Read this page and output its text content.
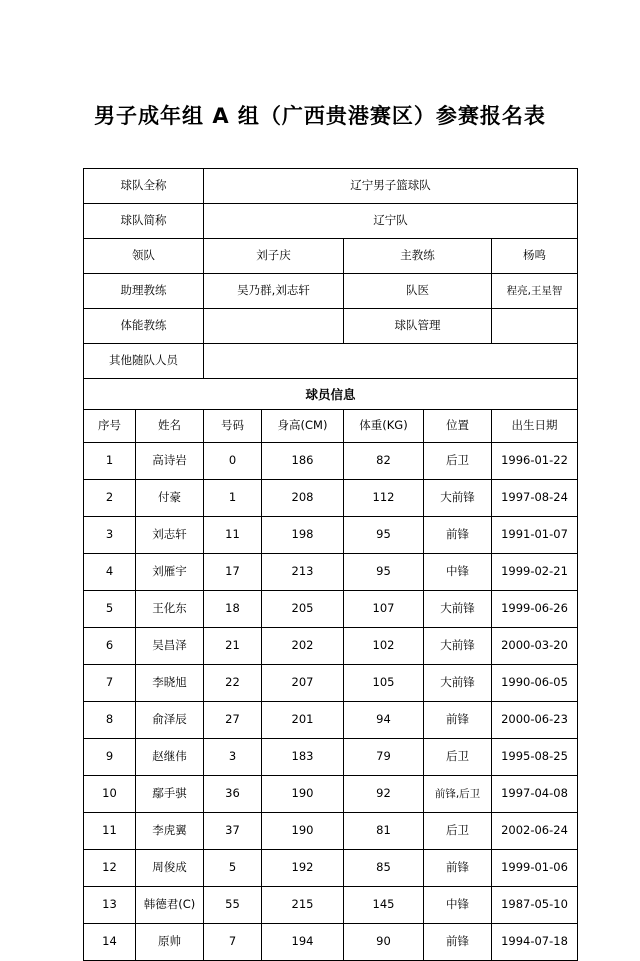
男子成年组 A 组（广西贵港赛区）参赛报名表
球队全称		辽宁男子篮球队				
球队简称		辽宁队				
领队		刘子庆		主教练		杨鸣
助理教练		吴乃群,刘志轩		队医		程亮,王星智
体能教练				球队管理		
其他随队人员						
球员信息						
序号	姓名	号码	身高(CM)	体重(KG)	位置	出生日期
1	高诗岩	0	186	82	后卫	1996-01-22
2	付豪	1	208	112	大前锋	1997-08-24
3	刘志轩	11	198	95	前锋	1991-01-07
4	刘雁宇	17	213	95	中锋	1999-02-21
5	王化东	18	205	107	大前锋	1999-06-26
6	吴昌泽	21	202	102	大前锋	2000-03-20
7	李晓旭	22	207	105	大前锋	1990-06-05
8	俞泽辰	27	201	94	前锋	2000-06-23
9	赵继伟	3	183	79	后卫	1995-08-25
10	鄢手骐	36	190	92	前锋,后卫	1997-04-08
11	李虎翼	37	190	81	后卫	2002-06-24
12	周俊成	5	192	85	前锋	1999-01-06
13	韩德君(C)	55	215	145	中锋	1987-05-10
14	原帅	7	194	90	前锋	1994-07-18
